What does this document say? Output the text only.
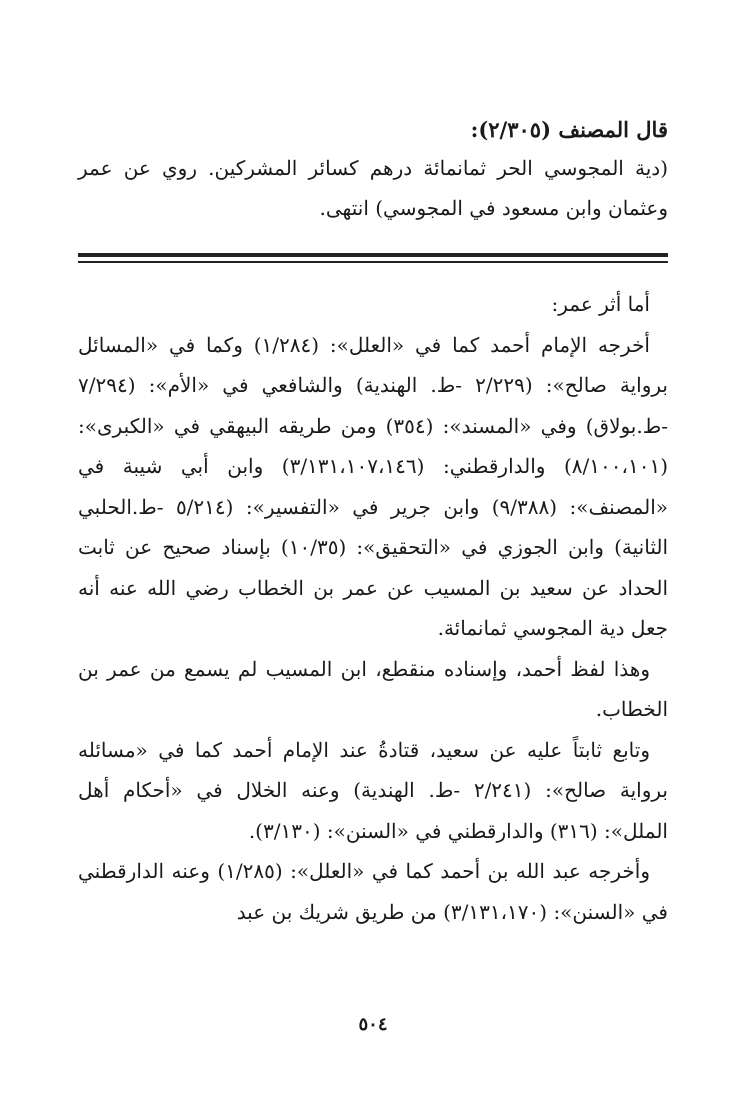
قال المصنف (٢/٣٠٥):

(دية المجوسي الحر ثمانمائة درهم كسائر المشركين. روي عن عمر وعثمان وابن مسعود في المجوسي) انتهى.

أما أثر عمر:

أخرجه الإمام أحمد كما في «العلل»: (١/٢٨٤) وكما في «المسائل برواية صالح»: (٢/٢٢٩ -ط. الهندية) والشافعي في «الأم»: (٧/٢٩٤ -ط.بولاق) وفي «المسند»: (٣٥٤) ومن طريقه البيهقي في «الكبرى»: (٨/١٠٠،١٠١) والدارقطني: (٣/١٣١،١٠٧،١٤٦) وابن أبي شيبة في «المصنف»: (٩/٣٨٨) وابن جرير في «التفسير»: (٥/٢١٤ -ط.الحلبي الثانية) وابن الجوزي في «التحقيق»: (١٠/٣٥) بإسناد صحيح عن ثابت الحداد عن سعيد بن المسيب عن عمر بن الخطاب رضي الله عنه أنه جعل دية المجوسي ثمانمائة.

وهذا لفظ أحمد، وإسناده منقطع، ابن المسيب لم يسمع من عمر بن الخطاب.

وتابع ثابتاً عليه عن سعيد، قتادةُ عند الإمام أحمد كما في «مسائله برواية صالح»: (٢/٢٤١ -ط. الهندية) وعنه الخلال في «أحكام أهل الملل»: (٣١٦) والدارقطني في «السنن»: (٣/١٣٠).

وأخرجه عبد الله بن أحمد كما في «العلل»: (١/٢٨٥) وعنه الدارقطني في «السنن»: (٣/١٣١،١٧٠) من طريق شريك بن عبد

٥٠٤
